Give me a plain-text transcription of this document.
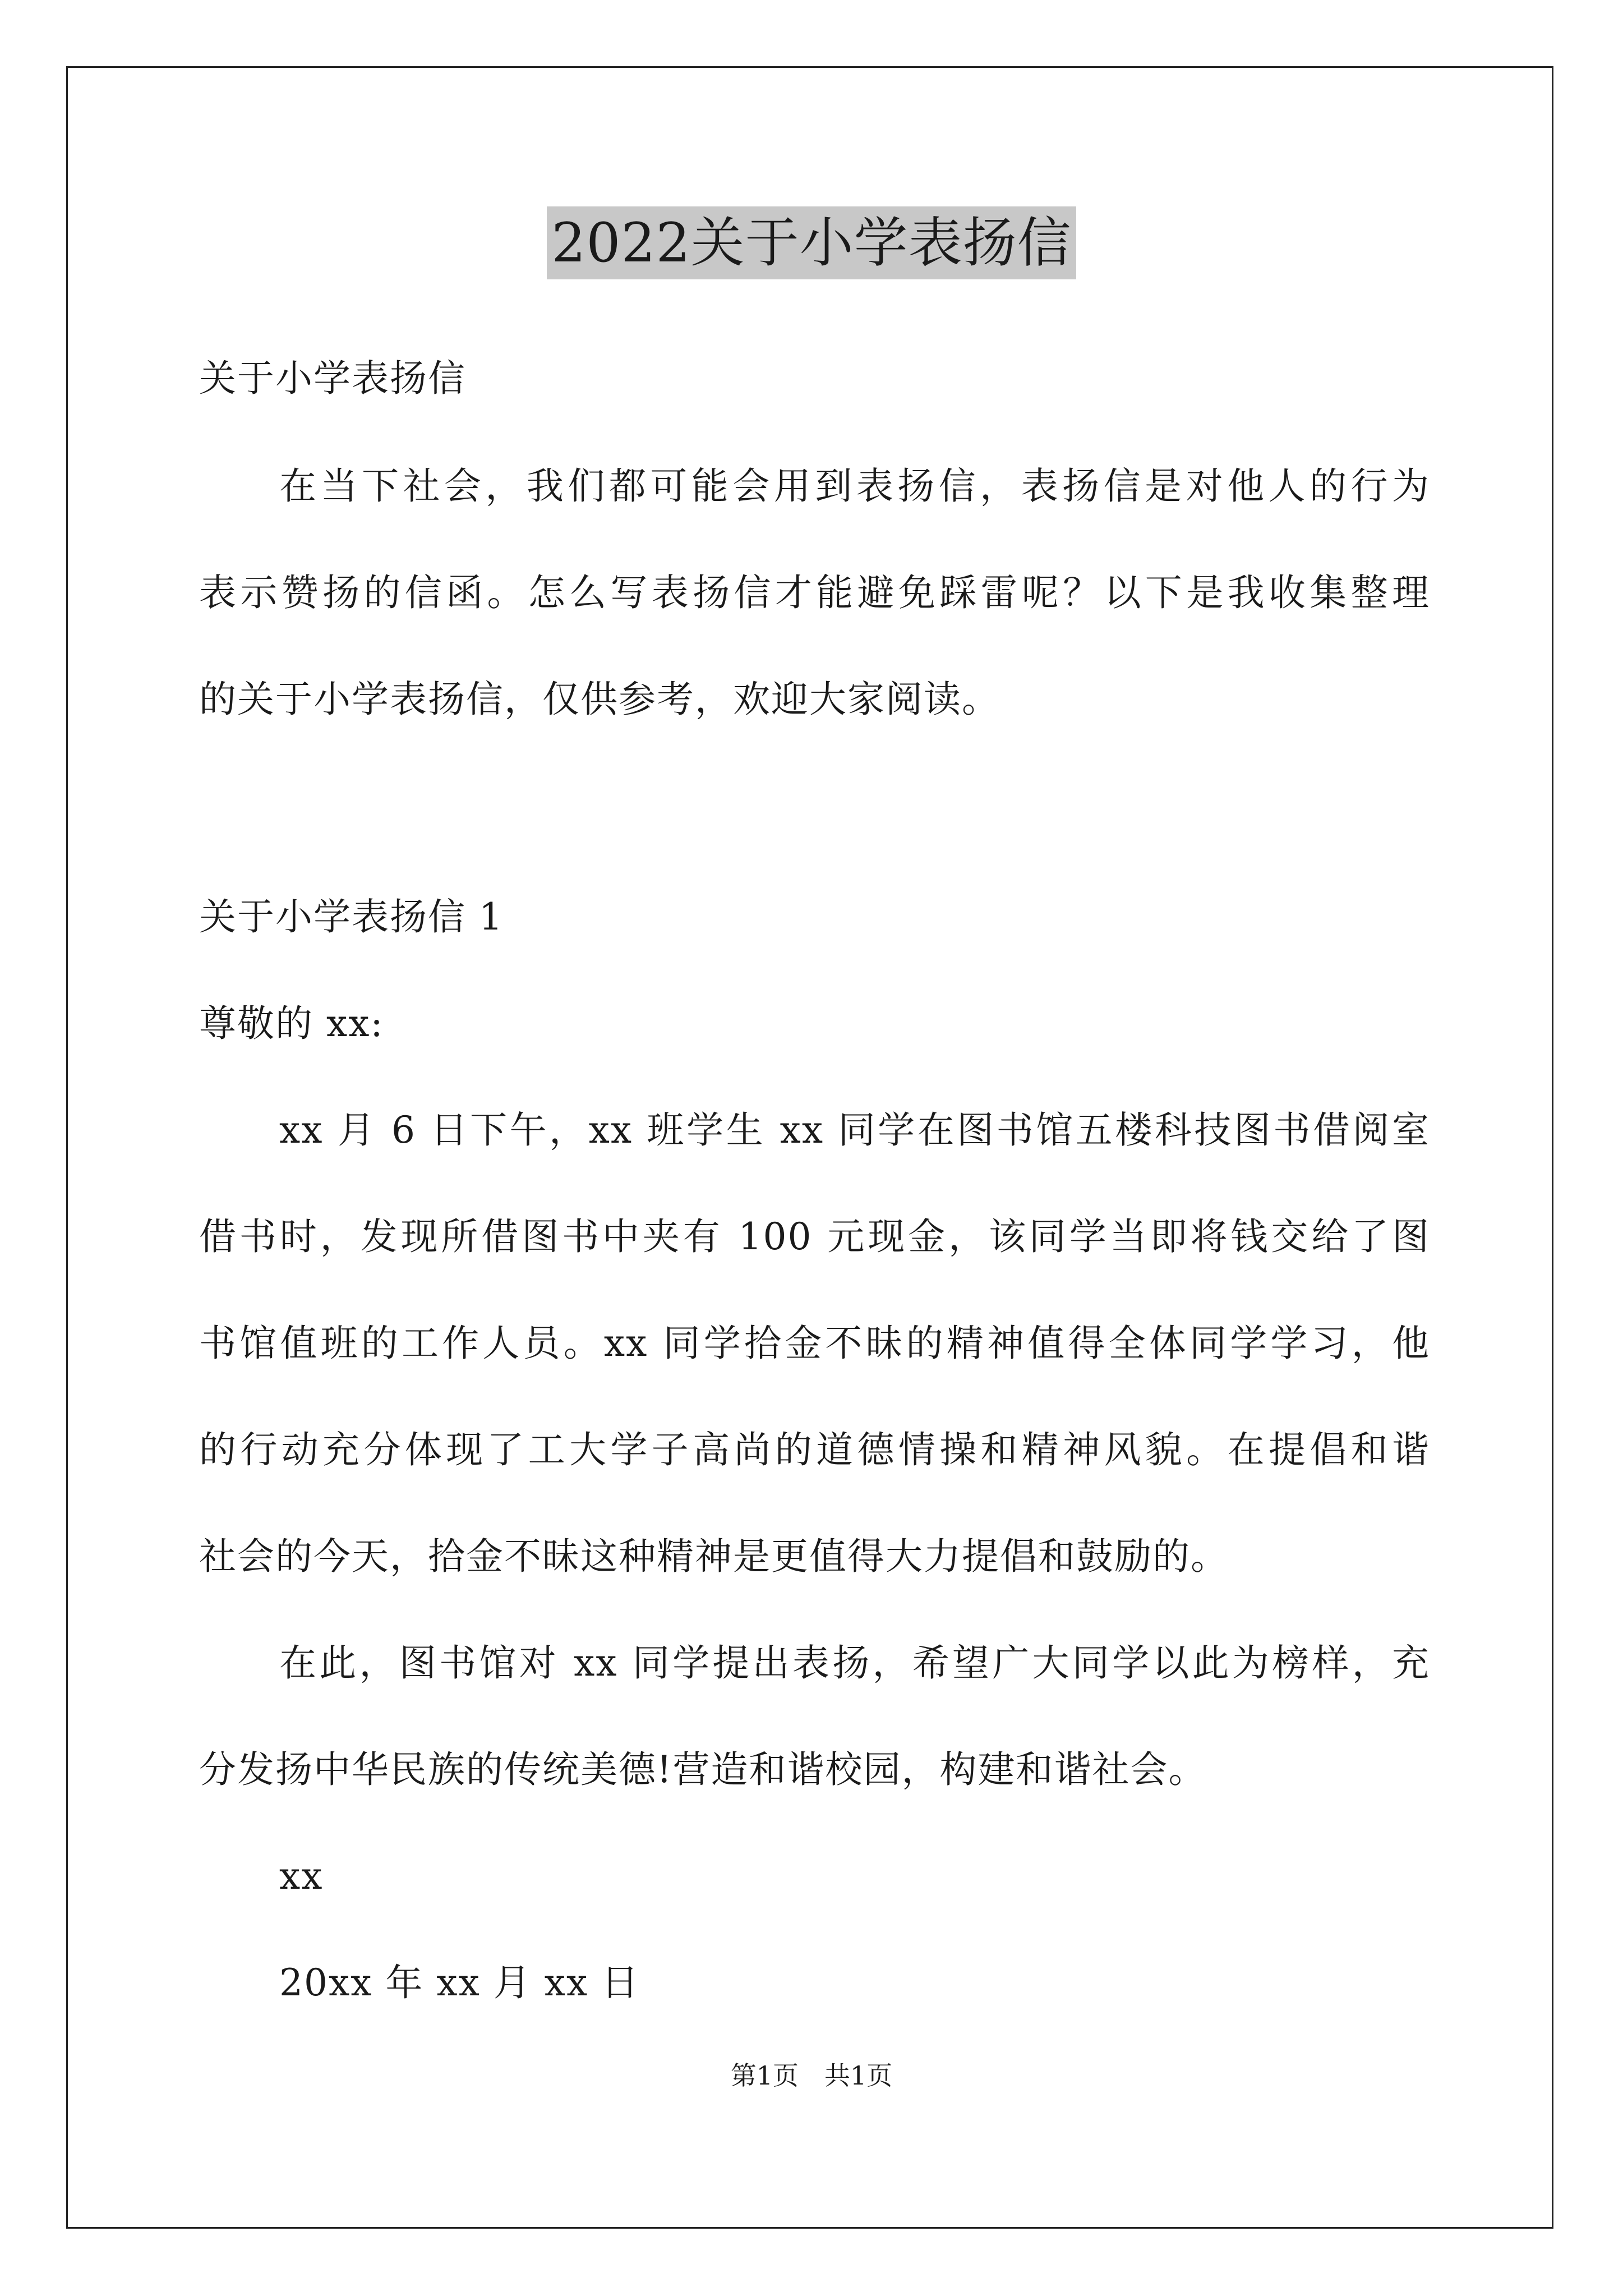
2022关于小学表扬信
关于小学表扬信
在当下社会，我们都可能会用到表扬信，表扬信是对他人的行为
表示赞扬的信函。怎么写表扬信才能避免踩雷呢？以下是我收集整理
的关于小学表扬信，仅供参考，欢迎大家阅读。
关于小学表扬信 1
尊敬的 xx:
xx 月 6 日下午，xx 班学生 xx 同学在图书馆五楼科技图书借阅室
借书时，发现所借图书中夹有 100 元现金，该同学当即将钱交给了图
书馆值班的工作人员。xx 同学拾金不昧的精神值得全体同学学习，他
的行动充分体现了工大学子高尚的道德情操和精神风貌。在提倡和谐
社会的今天，拾金不昧这种精神是更值得大力提倡和鼓励的。
在此，图书馆对 xx 同学提出表扬，希望广大同学以此为榜样，充
分发扬中华民族的传统美德!营造和谐校园，构建和谐社会。
xx
20xx 年 xx 月 xx 日
第1页　共1页
